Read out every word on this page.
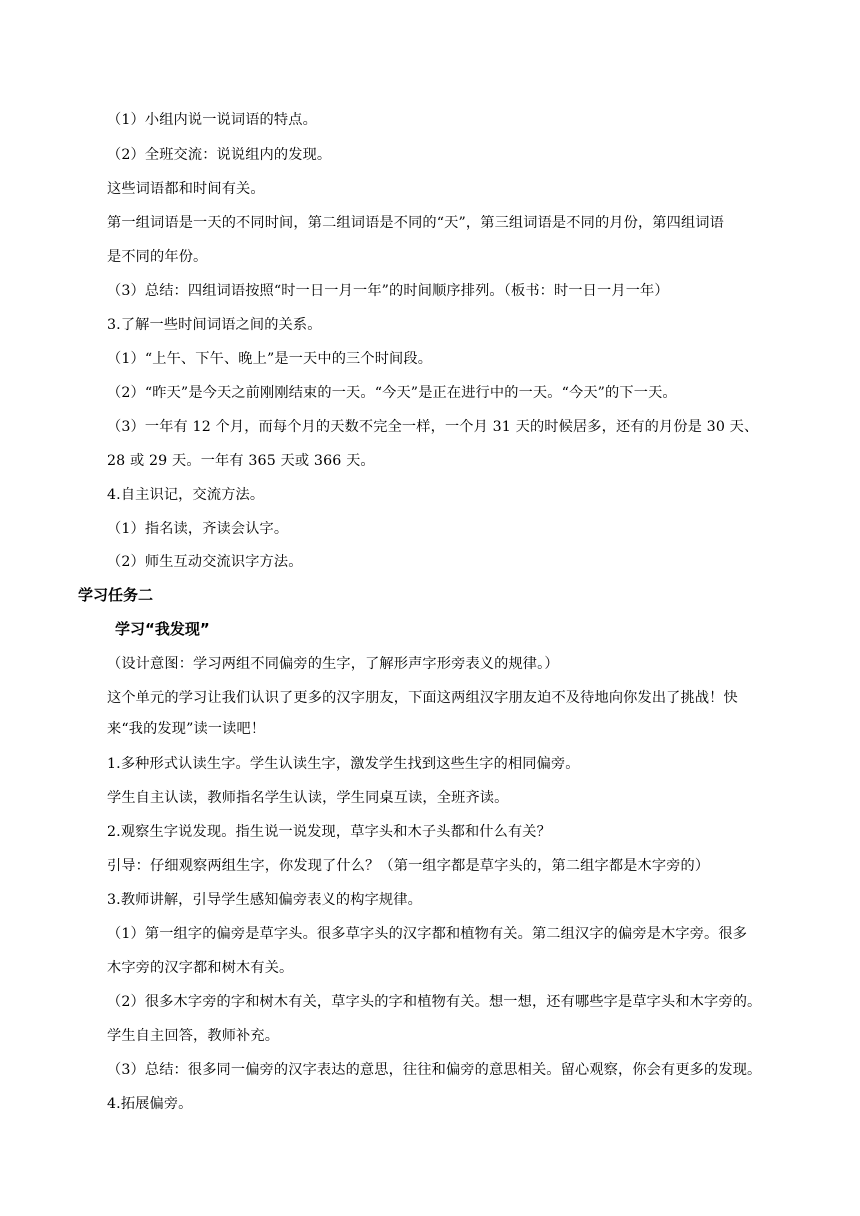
（1）小组内说一说词语的特点。
（2）全班交流：说说组内的发现。
这些词语都和时间有关。
第一组词语是一天的不同时间，第二组词语是不同的“天”，第三组词语是不同的月份，第四组词语
是不同的年份。
（3）总结：四组词语按照“时一日一月一年”的时间顺序排列。（板书：时一日一月一年）
3.了解一些时间词语之间的关系。
（1）“上午、下午、晚上”是一天中的三个时间段。
（2）“昨天”是今天之前刚刚结束的一天。“今天”是正在进行中的一天。“今天”的下一天。
（3）一年有 12 个月，而每个月的天数不完全一样，一个月 31 天的时候居多，还有的月份是 30 天、
28 或 29 天。一年有 365 天或 366 天。
4.自主识记，交流方法。
（1）指名读，齐读会认字。
（2）师生互动交流识字方法。
学习任务二
学习“我发现”
（设计意图：学习两组不同偏旁的生字，了解形声字形旁表义的规律。）
这个单元的学习让我们认识了更多的汉字朋友，下面这两组汉字朋友迫不及待地向你发出了挑战！快
来“我的发现”读一读吧！
1.多种形式认读生字。学生认读生字，激发学生找到这些生字的相同偏旁。
学生自主认读，教师指名学生认读，学生同桌互读，全班齐读。
2.观察生字说发现。指生说一说发现，草字头和木子头都和什么有关？
引导：仔细观察两组生字，你发现了什么？（第一组字都是草字头的，第二组字都是木字旁的）
3.教师讲解，引导学生感知偏旁表义的构字规律。
（1）第一组字的偏旁是草字头。很多草字头的汉字都和植物有关。第二组汉字的偏旁是木字旁。很多
木字旁的汉字都和树木有关。
（2）很多木字旁的字和树木有关，草字头的字和植物有关。想一想，还有哪些字是草字头和木字旁的。
学生自主回答，教师补充。
（3）总结：很多同一偏旁的汉字表达的意思，往往和偏旁的意思相关。留心观察，你会有更多的发现。
4.拓展偏旁。
